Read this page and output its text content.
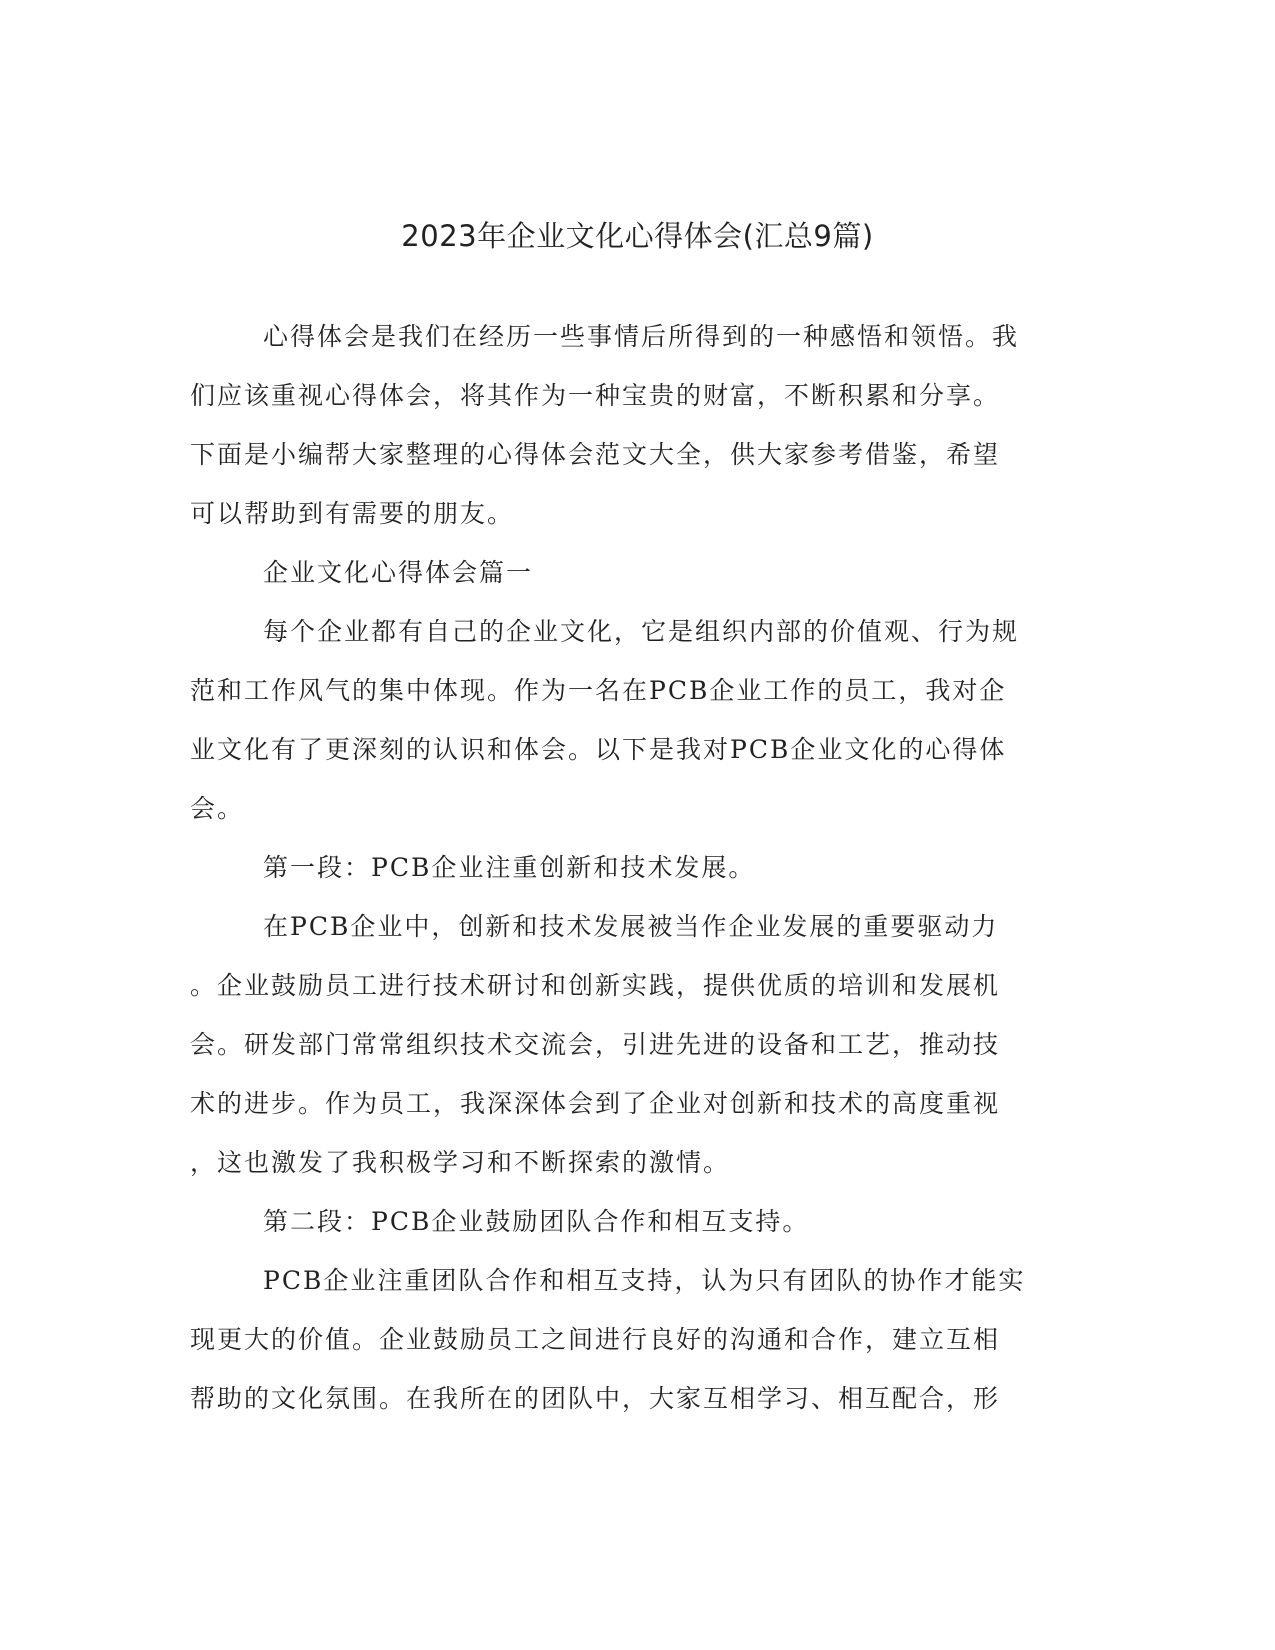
2023年企业文化心得体会(汇总9篇)
心得体会是我们在经历一些事情后所得到的一种感悟和领悟。我
们应该重视心得体会，将其作为一种宝贵的财富，不断积累和分享。
下面是小编帮大家整理的心得体会范文大全，供大家参考借鉴，希望
可以帮助到有需要的朋友。
企业文化心得体会篇一
每个企业都有自己的企业文化，它是组织内部的价值观、行为规
范和工作风气的集中体现。作为一名在PCB企业工作的员工，我对企
业文化有了更深刻的认识和体会。以下是我对PCB企业文化的心得体
会。
第一段：PCB企业注重创新和技术发展。
在PCB企业中，创新和技术发展被当作企业发展的重要驱动力
。企业鼓励员工进行技术研讨和创新实践，提供优质的培训和发展机
会。研发部门常常组织技术交流会，引进先进的设备和工艺，推动技
术的进步。作为员工，我深深体会到了企业对创新和技术的高度重视
，这也激发了我积极学习和不断探索的激情。
第二段：PCB企业鼓励团队合作和相互支持。
PCB企业注重团队合作和相互支持，认为只有团队的协作才能实
现更大的价值。企业鼓励员工之间进行良好的沟通和合作，建立互相
帮助的文化氛围。在我所在的团队中，大家互相学习、相互配合，形
